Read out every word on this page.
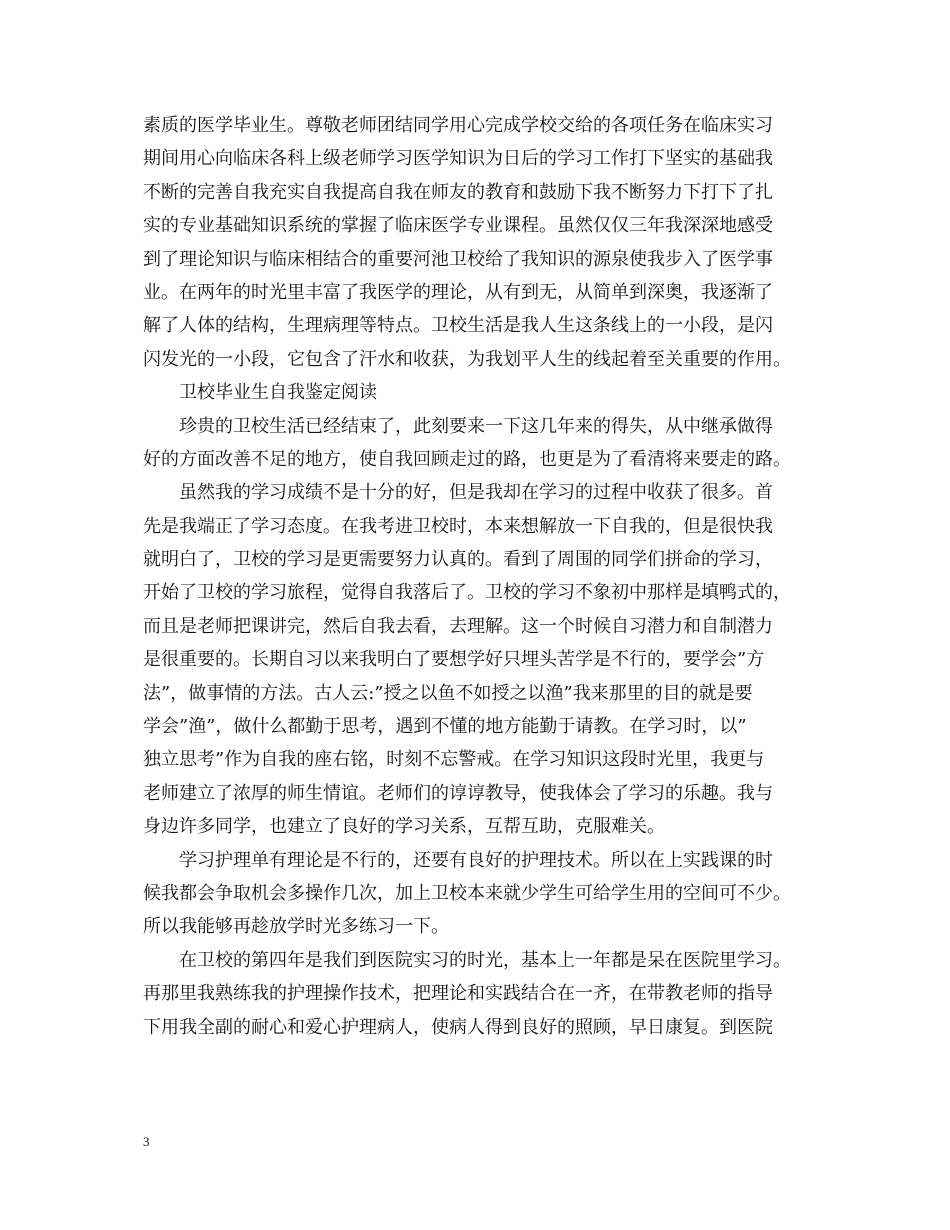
素质的医学毕业生。尊敬老师团结同学用心完成学校交给的各项任务在临床实习
期间用心向临床各科上级老师学习医学知识为日后的学习工作打下坚实的基础我
不断的完善自我充实自我提高自我在师友的教育和鼓励下我不断努力下打下了扎
实的专业基础知识系统的掌握了临床医学专业课程。虽然仅仅三年我深深地感受
到了理论知识与临床相结合的重要河池卫校给了我知识的源泉使我步入了医学事
业。在两年的时光里丰富了我医学的理论，从有到无，从简单到深奥，我逐渐了
解了人体的结构，生理病理等特点。卫校生活是我人生这条线上的一小段，是闪
闪发光的一小段，它包含了汗水和收获，为我划平人生的线起着至关重要的作用。
卫校毕业生自我鉴定阅读
珍贵的卫校生活已经结束了，此刻要来一下这几年来的得失，从中继承做得
好的方面改善不足的地方，使自我回顾走过的路，也更是为了看清将来要走的路。
虽然我的学习成绩不是十分的好，但是我却在学习的过程中收获了很多。首
先是我端正了学习态度。在我考进卫校时，本来想解放一下自我的，但是很快我
就明白了，卫校的学习是更需要努力认真的。看到了周围的同学们拼命的学习，
开始了卫校的学习旅程，觉得自我落后了。卫校的学习不象初中那样是填鸭式的，
而且是老师把课讲完，然后自我去看，去理解。这一个时候自习潜力和自制潜力
是很重要的。长期自习以来我明白了要想学好只埋头苦学是不行的，要学会”方
法”，做事情的方法。古人云:”授之以鱼不如授之以渔”我来那里的目的就是要
学会”渔”，做什么都勤于思考，遇到不懂的地方能勤于请教。在学习时，以”
独立思考”作为自我的座右铭，时刻不忘警戒。在学习知识这段时光里，我更与
老师建立了浓厚的师生情谊。老师们的谆谆教导，使我体会了学习的乐趣。我与
身边许多同学，也建立了良好的学习关系，互帮互助，克服难关。
学习护理单有理论是不行的，还要有良好的护理技术。所以在上实践课的时
候我都会争取机会多操作几次，加上卫校本来就少学生可给学生用的空间可不少。
所以我能够再趁放学时光多练习一下。
在卫校的第四年是我们到医院实习的时光，基本上一年都是呆在医院里学习。
再那里我熟练我的护理操作技术，把理论和实践结合在一齐，在带教老师的指导
下用我全副的耐心和爱心护理病人，使病人得到良好的照顾，早日康复。到医院
3
